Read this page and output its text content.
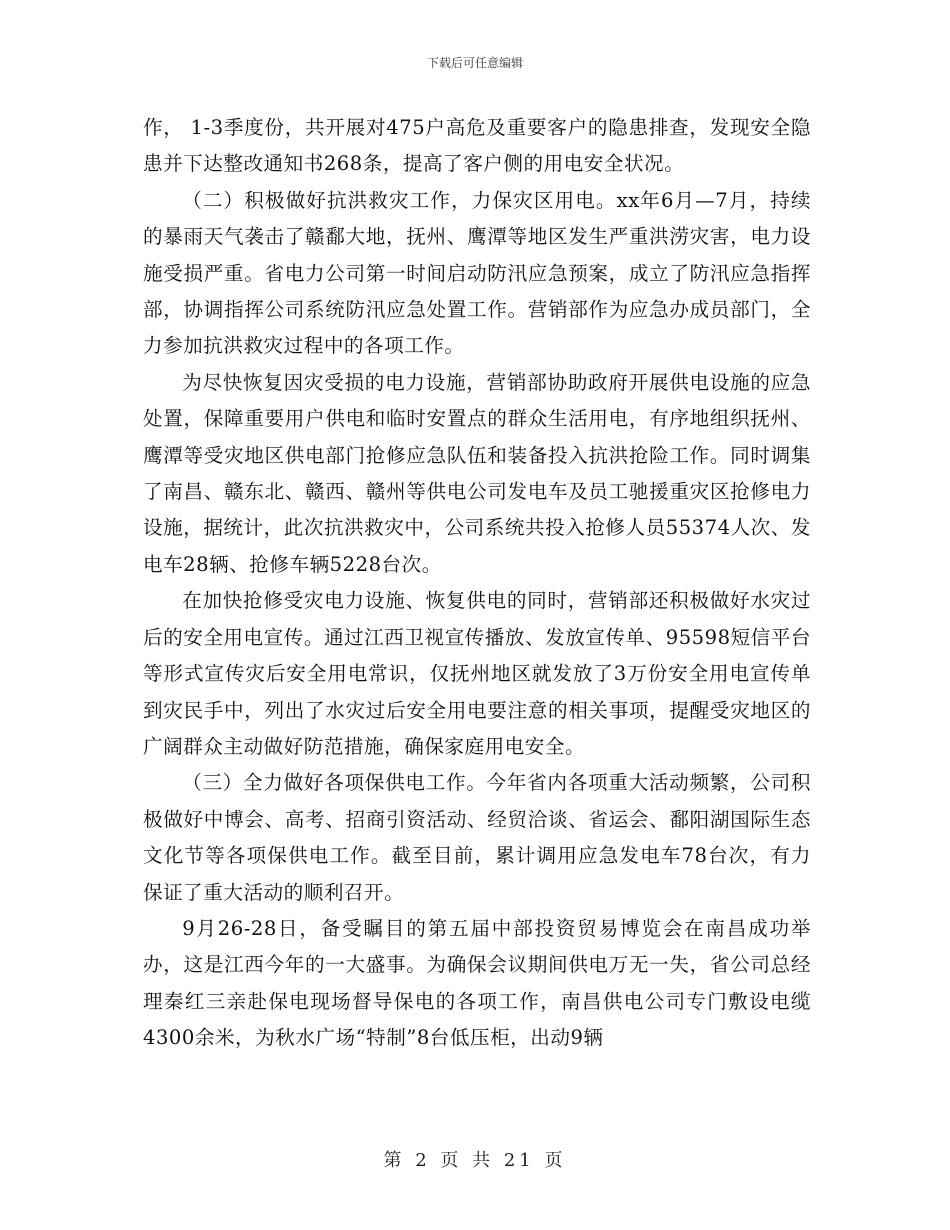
下载后可任意编辑

作， 1-3季度份，共开展对475户高危及重要客户的隐患排查，发现安全隐患并下达整改通知书268条，提高了客户侧的用电安全状况。

（二）积极做好抗洪救灾工作，力保灾区用电。xx年6月—7月，持续的暴雨天气袭击了赣鄱大地，抚州、鹰潭等地区发生严重洪涝灾害，电力设施受损严重。省电力公司第一时间启动防汛应急预案，成立了防汛应急指挥部，协调指挥公司系统防汛应急处置工作。营销部作为应急办成员部门，全力参加抗洪救灾过程中的各项工作。

为尽快恢复因灾受损的电力设施，营销部协助政府开展供电设施的应急处置，保障重要用户供电和临时安置点的群众生活用电，有序地组织抚州、鹰潭等受灾地区供电部门抢修应急队伍和装备投入抗洪抢险工作。同时调集了南昌、赣东北、赣西、赣州等供电公司发电车及员工驰援重灾区抢修电力设施，据统计，此次抗洪救灾中，公司系统共投入抢修人员55374人次、发电车28辆、抢修车辆5228台次。

在加快抢修受灾电力设施、恢复供电的同时，营销部还积极做好水灾过后的安全用电宣传。通过江西卫视宣传播放、发放宣传单、95598短信平台等形式宣传灾后安全用电常识，仅抚州地区就发放了3万份安全用电宣传单到灾民手中，列出了水灾过后安全用电要注意的相关事项，提醒受灾地区的广阔群众主动做好防范措施，确保家庭用电安全。

（三）全力做好各项保供电工作。今年省内各项重大活动频繁，公司积极做好中博会、高考、招商引资活动、经贸洽谈、省运会、鄱阳湖国际生态文化节等各项保供电工作。截至目前，累计调用应急发电车78台次，有力保证了重大活动的顺利召开。

9月26-28日，备受瞩目的第五届中部投资贸易博览会在南昌成功举办，这是江西今年的一大盛事。为确保会议期间供电万无一失，省公司总经理秦红三亲赴保电现场督导保电的各项工作，南昌供电公司专门敷设电缆4300余米，为秋水广场“特制”8台低压柜，出动9辆

第 2 页 共 21 页
